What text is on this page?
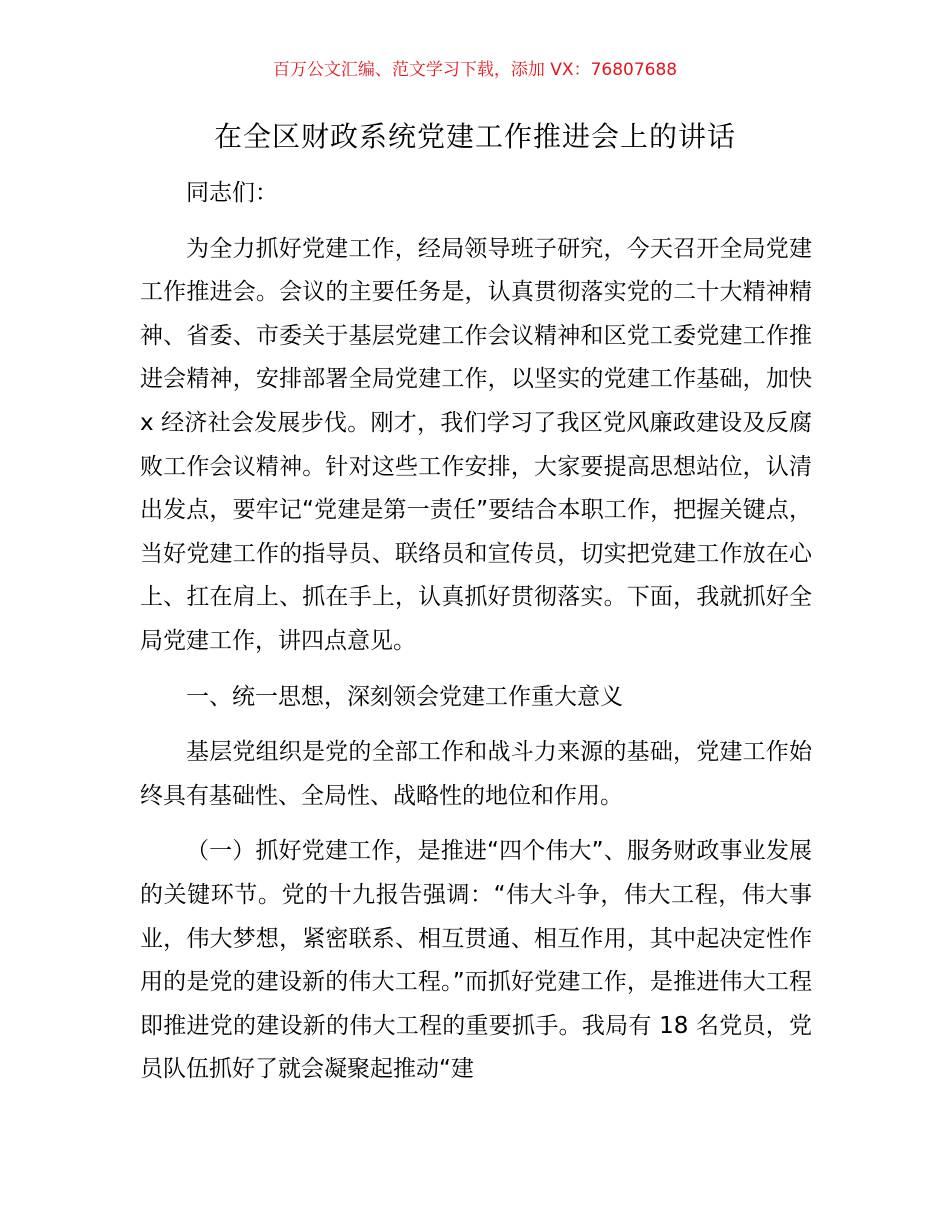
百万公文汇编、范文学习下载，添加 VX：76807688
在全区财政系统党建工作推进会上的讲话

同志们：

为全力抓好党建工作，经局领导班子研究，今天召开全局党建工作推进会。会议的主要任务是，认真贯彻落实党的二十大精神精神、省委、市委关于基层党建工作会议精神和区党工委党建工作推进会精神，安排部署全局党建工作，以坚实的党建工作基础，加快 x 经济社会发展步伐。刚才，我们学习了我区党风廉政建设及反腐败工作会议精神。针对这些工作安排，大家要提高思想站位，认清出发点，要牢记“党建是第一责任”要结合本职工作，把握关键点，当好党建工作的指导员、联络员和宣传员，切实把党建工作放在心上、扛在肩上、抓在手上，认真抓好贯彻落实。下面，我就抓好全局党建工作，讲四点意见。

一、统一思想，深刻领会党建工作重大意义

基层党组织是党的全部工作和战斗力来源的基础，党建工作始终具有基础性、全局性、战略性的地位和作用。

（一）抓好党建工作，是推进“四个伟大”、服务财政事业发展的关键环节。党的十九报告强调：“伟大斗争，伟大工程，伟大事业，伟大梦想，紧密联系、相互贯通、相互作用，其中起决定性作用的是党的建设新的伟大工程。”而抓好党建工作，是推进伟大工程即推进党的建设新的伟大工程的重要抓手。我局有 18 名党员，党员队伍抓好了就会凝聚起推动“建
